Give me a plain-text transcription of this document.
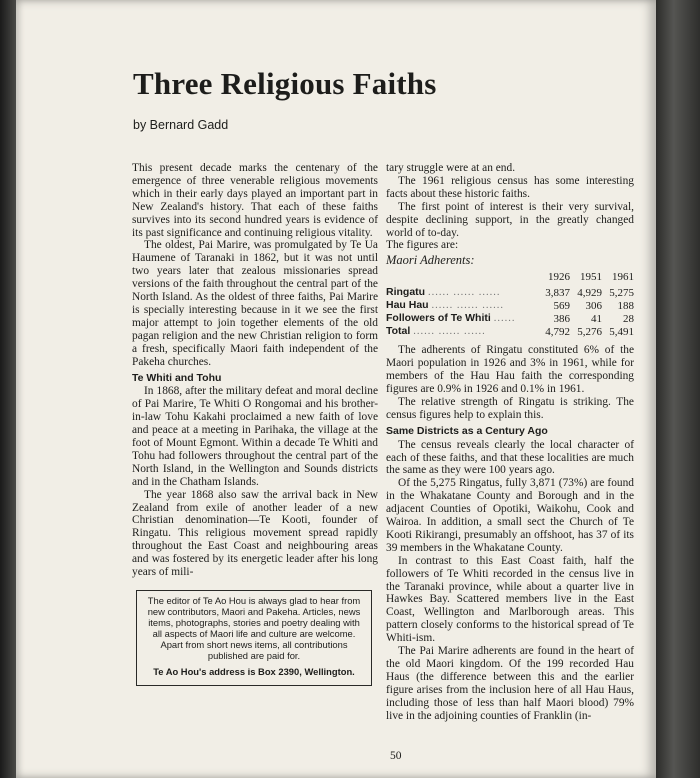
Three Religious Faiths
by Bernard Gadd

This present decade marks the centenary of the emergence of three venerable religious movements which in their early days played an important part in New Zealand's history. That each of these faiths survives into its second hundred years is evidence of its past significance and continuing religious vitality.

The oldest, Pai Marire, was promulgated by Te Ua Haumene of Taranaki in 1862, but it was not until two years later that zealous missionaries spread versions of the faith throughout the central part of the North Island. As the oldest of three faiths, Pai Marire is specially interesting because in it we see the first major attempt to join together elements of the old pagan religion and the new Christian religion to form a fresh, specifically Maori faith independent of the Pakeha churches.

Te Whiti and Tohu

In 1868, after the military defeat and moral decline of Pai Marire, Te Whiti O Rongomai and his brother-in-law Tohu Kakahi proclaimed a new faith of love and peace at a meeting in Parihaka, the village at the foot of Mount Egmont. Within a decade Te Whiti and Tohu had followers throughout the central part of the North Island, in the Wellington and Sounds districts and in the Chatham Islands.

The year 1868 also saw the arrival back in New Zealand from exile of another leader of a new Christian denomination—Te Kooti, founder of Ringatu. This religious movement spread rapidly throughout the East Coast and neighbouring areas and was fostered by its energetic leader after his long years of mili-

tary struggle were at an end.

The 1961 religious census has some interesting facts about these historic faiths.

The first point of interest is their very survival, despite declining support, in the greatly changed world of to-day.

The figures are:

Maori Adherents:
	1926	1951	1961
Ringatu ...... ...... ......	3,837	4,929	5,275
Hau Hau ...... ...... ......	569	306	188
Followers of Te Whiti ......	386	41	28
Total ...... ...... ......	4,792	5,276	5,491

The adherents of Ringatu constituted 6% of the Maori population in 1926 and 3% in 1961, while for members of the Hau Hau faith the corresponding figures are 0.9% in 1926 and 0.1% in 1961.

The relative strength of Ringatu is striking. The census figures help to explain this.

Same Districts as a Century Ago

The census reveals clearly the local character of each of these faiths, and that these localities are much the same as they were 100 years ago.

Of the 5,275 Ringatus, fully 3,871 (73%) are found in the Whakatane County and Borough and in the adjacent Counties of Opotiki, Waikohu, Cook and Wairoa. In addition, a small sect the Church of Te Kooti Rikirangi, presumably an offshoot, has 37 of its 39 members in the Whakatane County.

In contrast to this East Coast faith, half the followers of Te Whiti recorded in the census live in the Taranaki province, while about a quarter live in Hawkes Bay. Scattered members live in the East Coast, Wellington and Marlborough areas. This pattern closely conforms to the historical spread of Te Whiti-ism.

The Pai Marire adherents are found in the heart of the old Maori kingdom. Of the 199 recorded Hau Haus (the difference between this and the earlier figure arises from the inclusion here of all Hau Haus, including those of less than half Maori blood) 79% live in the adjoining counties of Franklin (in-

The editor of Te Ao Hou is always glad to hear from new contributors, Maori and Pakeha. Articles, news items, photographs, stories and poetry dealing with all aspects of Maori life and culture are welcome. Apart from short news items, all contributions published are paid for.

Te Ao Hou's address is Box 2390, Wellington.

50
